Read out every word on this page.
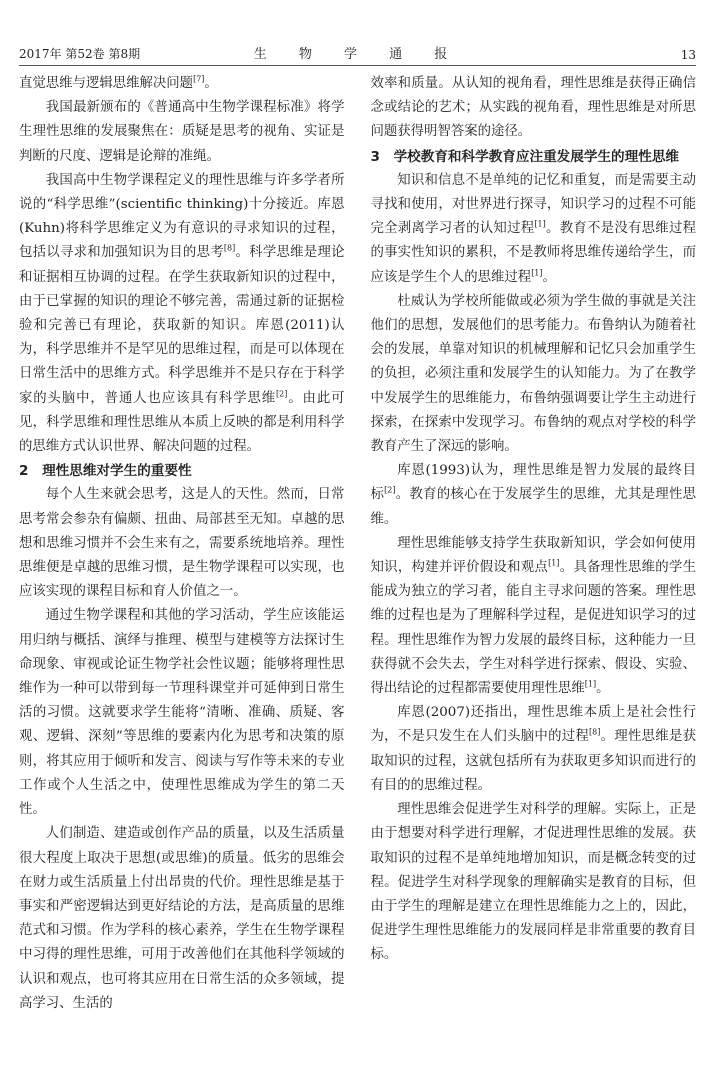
2017年 第52卷 第8期	生 物 学 通 报	13

直觉思维与逻辑思维解决问题[7]。

我国最新颁布的《普通高中生物学课程标准》将学生理性思维的发展聚焦在：质疑是思考的视角、实证是判断的尺度、逻辑是论辩的准绳。

我国高中生物学课程定义的理性思维与许多学者所说的“科学思维”(scientific thinking)十分接近。库恩(Kuhn)将科学思维定义为有意识的寻求知识的过程，包括以寻求和加强知识为目的思考[8]。科学思维是理论和证据相互协调的过程。在学生获取新知识的过程中，由于已掌握的知识的理论不够完善，需通过新的证据检验和完善已有理论，获取新的知识。库恩(2011)认为，科学思维并不是罕见的思维过程，而是可以体现在日常生活中的思维方式。科学思维并不是只存在于科学家的头脑中，普通人也应该具有科学思维[2]。由此可见，科学思维和理性思维从本质上反映的都是利用科学的思维方式认识世界、解决问题的过程。

2 理性思维对学生的重要性

每个人生来就会思考，这是人的天性。然而，日常思考常会参杂有偏颇、扭曲、局部甚至无知。卓越的思想和思维习惯并不会生来有之，需要系统地培养。理性思维便是卓越的思维习惯，是生物学课程可以实现，也应该实现的课程目标和育人价值之一。

通过生物学课程和其他的学习活动，学生应该能运用归纳与概括、演绎与推理、模型与建模等方法探讨生命现象、审视或论证生物学社会性议题；能够将理性思维作为一种可以带到每一节理科课堂并可延伸到日常生活的习惯。这就要求学生能将“清晰、准确、质疑、客观、逻辑、深刻”等思维的要素内化为思考和决策的原则，将其应用于倾听和发言、阅读与写作等未来的专业工作或个人生活之中，使理性思维成为学生的第二天性。

人们制造、建造或创作产品的质量，以及生活质量很大程度上取决于思想(或思维)的质量。低劣的思维会在财力或生活质量上付出昂贵的代价。理性思维是基于事实和严密逻辑达到更好结论的方法，是高质量的思维范式和习惯。作为学科的核心素养，学生在生物学课程中习得的理性思维，可用于改善他们在其他科学领域的认识和观点，也可将其应用在日常生活的众多领域，提高学习、生活的

效率和质量。从认知的视角看，理性思维是获得正确信念或结论的艺术；从实践的视角看，理性思维是对所思问题获得明智答案的途径。

3 学校教育和科学教育应注重发展学生的理性思维

知识和信息不是单纯的记忆和重复，而是需要主动寻找和使用，对世界进行探寻，知识学习的过程不可能完全剥离学习者的认知过程[1]。教育不是没有思维过程的事实性知识的累积，不是教师将思维传递给学生，而应该是学生个人的思维过程[1]。

杜威认为学校所能做或必须为学生做的事就是关注他们的思想，发展他们的思考能力。布鲁纳认为随着社会的发展，单靠对知识的机械理解和记忆只会加重学生的负担，必须注重和发展学生的认知能力。为了在教学中发展学生的思维能力，布鲁纳强调要让学生主动进行探索，在探索中发现学习。布鲁纳的观点对学校的科学教育产生了深远的影响。

库恩(1993)认为，理性思维是智力发展的最终目标[2]。教育的核心在于发展学生的思维，尤其是理性思维。

理性思维能够支持学生获取新知识，学会如何使用知识，构建并评价假设和观点[1]。具备理性思维的学生能成为独立的学习者，能自主寻求问题的答案。理性思维的过程也是为了理解科学过程，是促进知识学习的过程。理性思维作为智力发展的最终目标，这种能力一旦获得就不会失去，学生对科学进行探索、假设、实验、得出结论的过程都需要使用理性思维[1]。

库恩(2007)还指出，理性思维本质上是社会性行为，不是只发生在人们头脑中的过程[8]。理性思维是获取知识的过程，这就包括所有为获取更多知识而进行的有目的的思维过程。

理性思维会促进学生对科学的理解。实际上，正是由于想要对科学进行理解，才促进理性思维的发展。获取知识的过程不是单纯地增加知识，而是概念转变的过程。促进学生对科学现象的理解确实是教育的目标，但由于学生的理解是建立在理性思维能力之上的，因此，促进学生理性思维能力的发展同样是非常重要的教育目标。
